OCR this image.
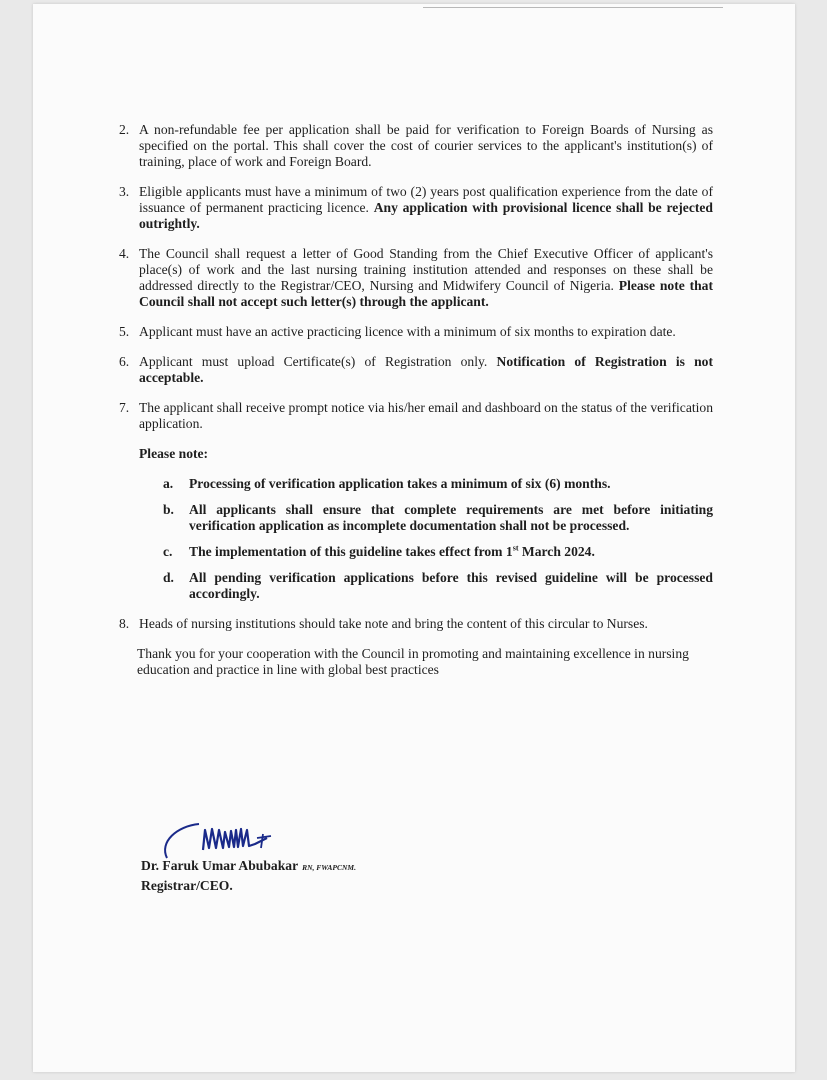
2. A non-refundable fee per application shall be paid for verification to Foreign Boards of Nursing as specified on the portal. This shall cover the cost of courier services to the applicant's institution(s) of training, place of work and Foreign Board.
3. Eligible applicants must have a minimum of two (2) years post qualification experience from the date of issuance of permanent practicing licence. Any application with provisional licence shall be rejected outrightly.
4. The Council shall request a letter of Good Standing from the Chief Executive Officer of applicant's place(s) of work and the last nursing training institution attended and responses on these shall be addressed directly to the Registrar/CEO, Nursing and Midwifery Council of Nigeria. Please note that Council shall not accept such letter(s) through the applicant.
5. Applicant must have an active practicing licence with a minimum of six months to expiration date.
6. Applicant must upload Certificate(s) of Registration only. Notification of Registration is not acceptable.
7. The applicant shall receive prompt notice via his/her email and dashboard on the status of the verification application.
Please note:
a. Processing of verification application takes a minimum of six (6) months.
b. All applicants shall ensure that complete requirements are met before initiating verification application as incomplete documentation shall not be processed.
c. The implementation of this guideline takes effect from 1st March 2024.
d. All pending verification applications before this revised guideline will be processed accordingly.
8. Heads of nursing institutions should take note and bring the content of this circular to Nurses.
Thank you for your cooperation with the Council in promoting and maintaining excellence in nursing education and practice in line with global best practices
Dr. Faruk Umar Abubakar RN, FWAPCNM.
Registrar/CEO.
